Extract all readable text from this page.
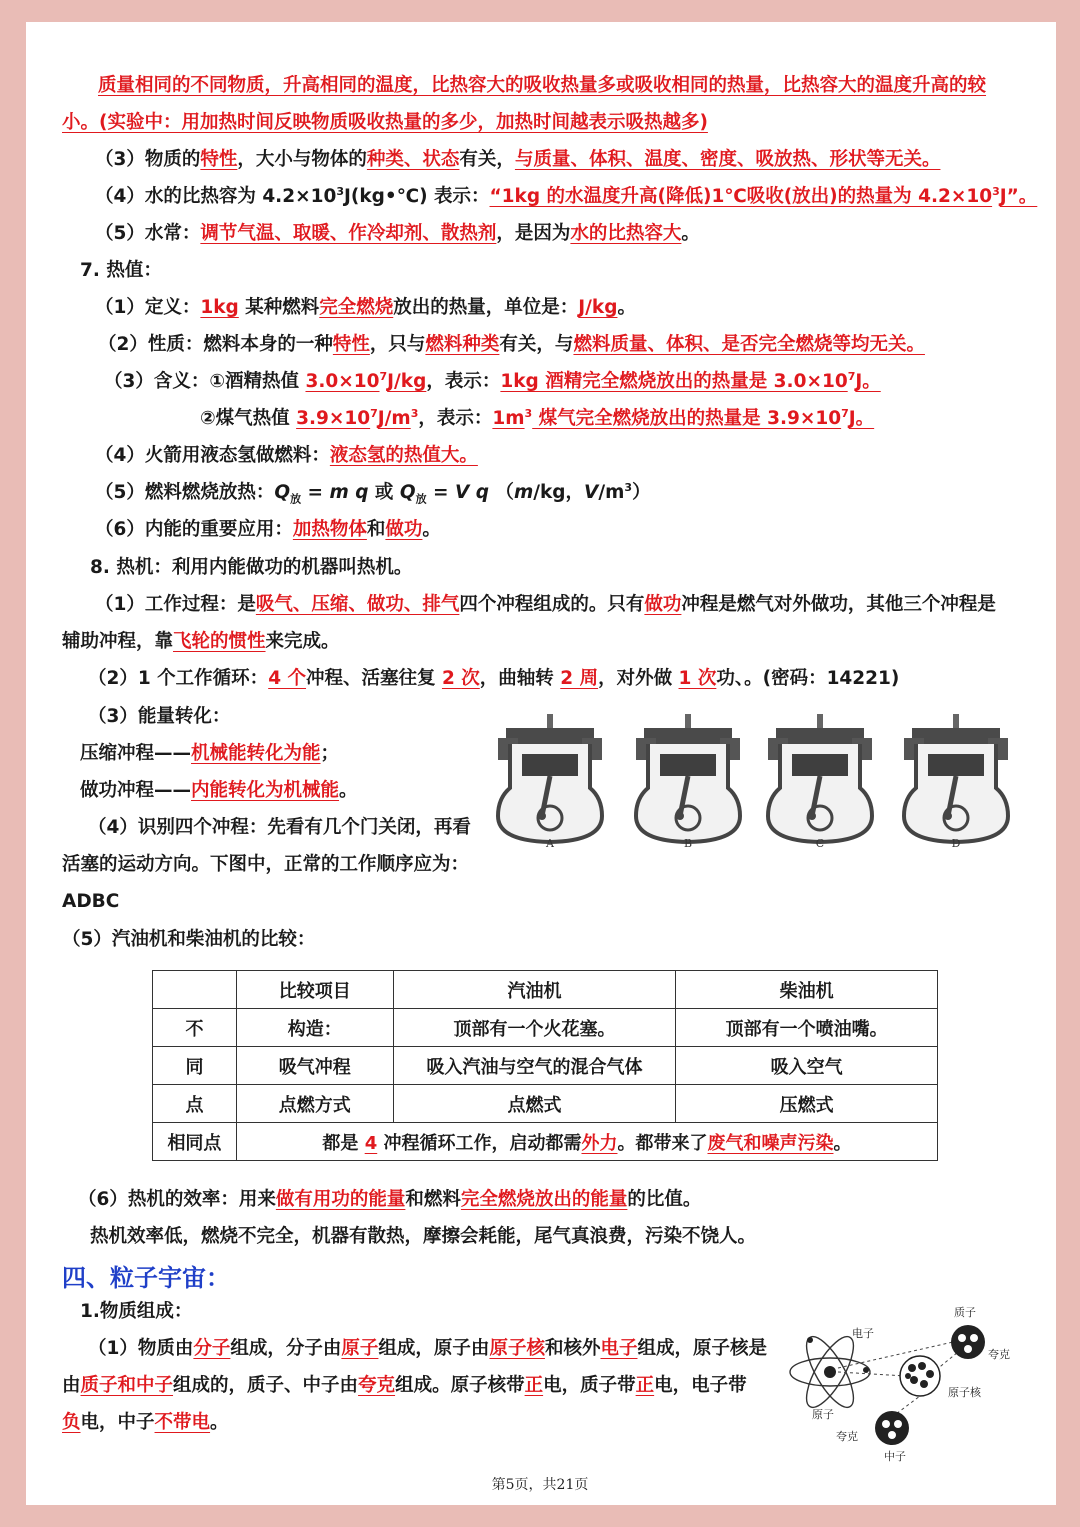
质量相同的不同物质，升高相同的温度，比热容大的吸收热量多或吸收相同的热量，比热容大的温度升高的较
小。(实验中：用加热时间反映物质吸收热量的多少，加热时间越表示吸热越多)
（3）物质的特性，大小与物体的种类、状态有关，与质量、体积、温度、密度、吸放热、形状等无关。
（4）水的比热容为 $4.2\times 10^3J(kg•℃)$ 表示：“1kg 的水温度升高(降低)1℃吸收(放出)的热量为 $4.2\times 10^3J$”。
（5）水常：调节气温、取暖、作冷却剂、散热剂，是因为水的比热容大。
7. 热值：
（1）定义：1kg 某种燃料完全燃烧放出的热量，单位是：J/kg。
（2）性质：燃料本身的一种特性，只与燃料种类有关，与燃料质量、体积、是否完全燃烧等均无关。
（3）含义：①酒精热值 $3.0\times 10^7J/kg$，表示：1kg 酒精完全燃烧放出的热量是 $3.0\times 10^7J$。
②煤气热值 $3.9\times 10^7J/m^3$，表示：$1m^3$ 煤气完全燃烧放出的热量是 $3.9\times 10^7J$。
（4）火箭用液态氢做燃料：液态氢的热值大。
（5）燃料燃烧放热：$Q_放 = m$ q 或 $Q_放 = V$ q （m/kg，$V/m^3$）
（6）内能的重要应用：加热物体和做功。
8. 热机：利用内能做功的机器叫热机。
（1）工作过程：是吸气、压缩、做功、排气四个冲程组成的。只有做功冲程是燃气对外做功，其他三个冲程是
辅助冲程，靠飞轮的惯性来完成。
（2）1 个工作循环：4 个冲程、活塞往复 2 次，曲轴转 2 周，对外做 1 次功、。(密码：14221)
（3）能量转化：
压缩冲程——机械能转化为能；
做功冲程——内能转化为机械能。
（4）识别四个冲程：先看有几个门关闭，再看
活塞的运动方向。下图中，正常的工作顺序应为：
ADBC
（5）汽油机和柴油机的比较：
A	B	C	D
	比较项目	汽油机	柴油机
不	构造：	顶部有一个火花塞。	顶部有一个喷油嘴。
同	吸气冲程	吸入汽油与空气的混合气体	吸入空气
点	点燃方式	点燃式	压燃式
相同点	都是 4 冲程循环工作，启动都需外力。都带来了废气和噪声污染。		
（6）热机的效率：用来做有用功的能量和燃料完全燃烧放出的能量的比值。
热机效率低，燃烧不完全，机器有散热，摩擦会耗能，尾气真浪费，污染不饶人。
四、粒子宇宙：
1.物质组成：
（1）物质由分子组成，分子由原子组成，原子由原子核和核外电子组成，原子核是
由质子和中子组成的，质子、中子由夸克组成。原子核带正电，质子带正电，电子带
负电，中子不带电。
电子
质子
夸克
原子核
原子
夸克
中子
第5页，共21页
